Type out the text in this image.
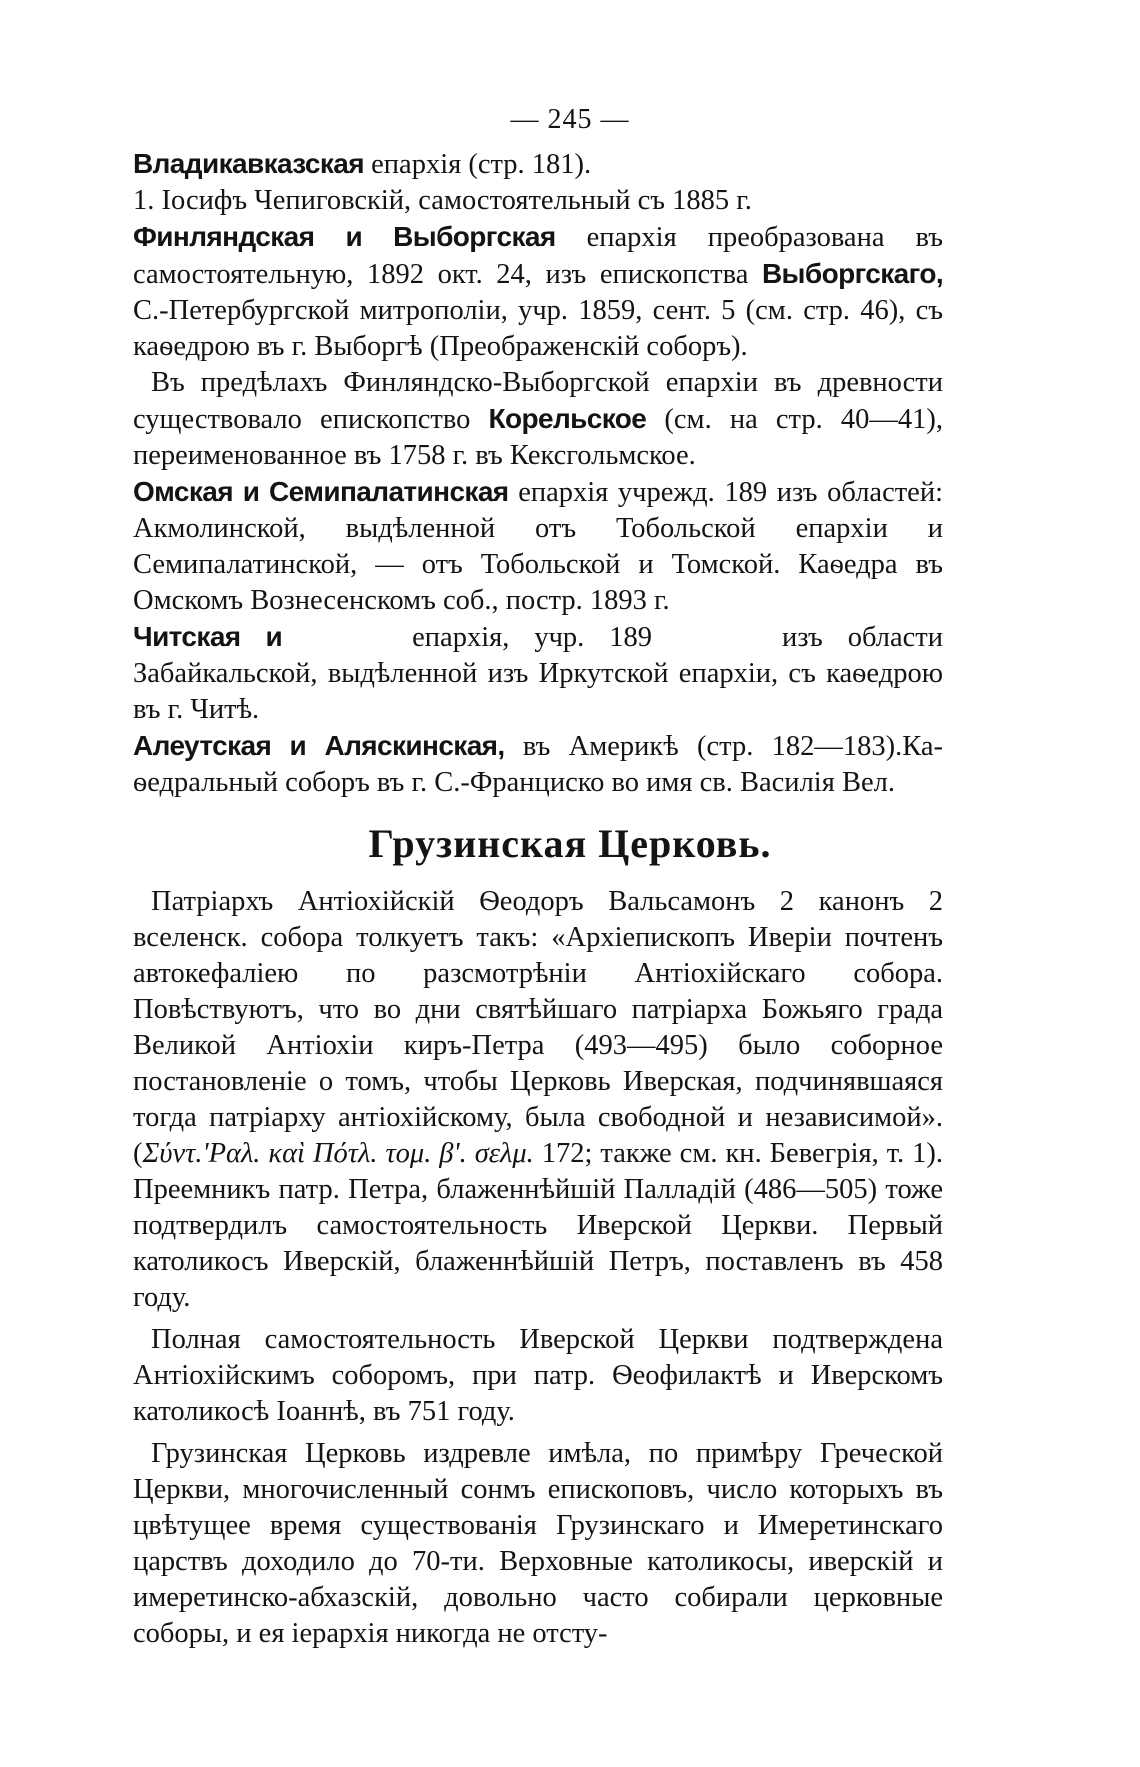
— 245 —

Владикавказская епархія (стр. 181).

1. Іосифъ Чепиговскій, самостоятельный съ 1885 г.

Финляндская и Выборгская епархія преобразована въ самостоятельную, 1892 окт. 24, изъ епископства Выборгскаго, С.-Петербургской митрополіи, учр. 1859, сент. 5 (см. стр. 46), съ каѳедрою въ г. Выборгѣ (Преображенскій соборъ).

Въ предѣлахъ Финляндско-Выборгской епархіи въ древности существовало епископство Корельское (см. на стр. 40—41), переименованное въ 1758 г. въ Кексгольмское.

Омская и Семипалатинская епархія учрежд. 189 изъ областей: Акмолинской, выдѣленной отъ Тобольской епархіи и Семипалатинской, — отъ Тобольской и Томской. Каѳедра въ Омскомъ Вознесенскомъ соб., постр. 1893 г.

Читская и	епархія, учр. 189	изъ области Забайкальской, выдѣленной изъ Иркутской епархіи, съ каѳедрою въ г. Читѣ.

Алеутская и Аляскинская, въ Америкѣ (стр. 182—183).Каѳедральный соборъ въ г. С.-Франциско во имя св. Василія Вел.

Грузинская Церковь.

Патріархъ Антіохійскій Ѳеодоръ Вальсамонъ 2 канонъ 2 вселенск. собора толкуетъ такъ: «Архіепископъ Иверіи почтенъ автокефаліею по разсмотрѣніи Антіохійскаго собора. Повѣствуютъ, что во дни святѣйшаго патріарха Божьяго града Великой Антіохіи киръ-Петра (493—495) было соборное постановленіе о томъ, чтобы Церковь Иверская, подчинявшаяся тогда патріарху антіохійскому, была свободной и независимой». (Σύντ.'Ραλ. καὶ Πότλ. τομ. β'. σελμ. 172; также см. кн. Бевегрія, т. 1). Преемникъ патр. Петра, блаженнѣйшій Палладій (486—505) тоже подтвердилъ самостоятельность Иверской Церкви. Первый католикосъ Иверскій, блаженнѣйшій Петръ, поставленъ въ 458 году.

Полная самостоятельность Иверской Церкви подтверждена Антіохійскимъ соборомъ, при патр. Ѳеофилактѣ и Иверскомъ католикосѣ Іоаннѣ, въ 751 году.

Грузинская Церковь издревле имѣла, по примѣру Греческой Церкви, многочисленный сонмъ епископовъ, число которыхъ въ цвѣтущее время существованія Грузинскаго и Имеретинскаго царствъ доходило до 70-ти. Верховные католикосы, иверскій и имеретинско-абхазскій, довольно часто собирали церковные соборы, и ея іерархія никогда не отсту-
